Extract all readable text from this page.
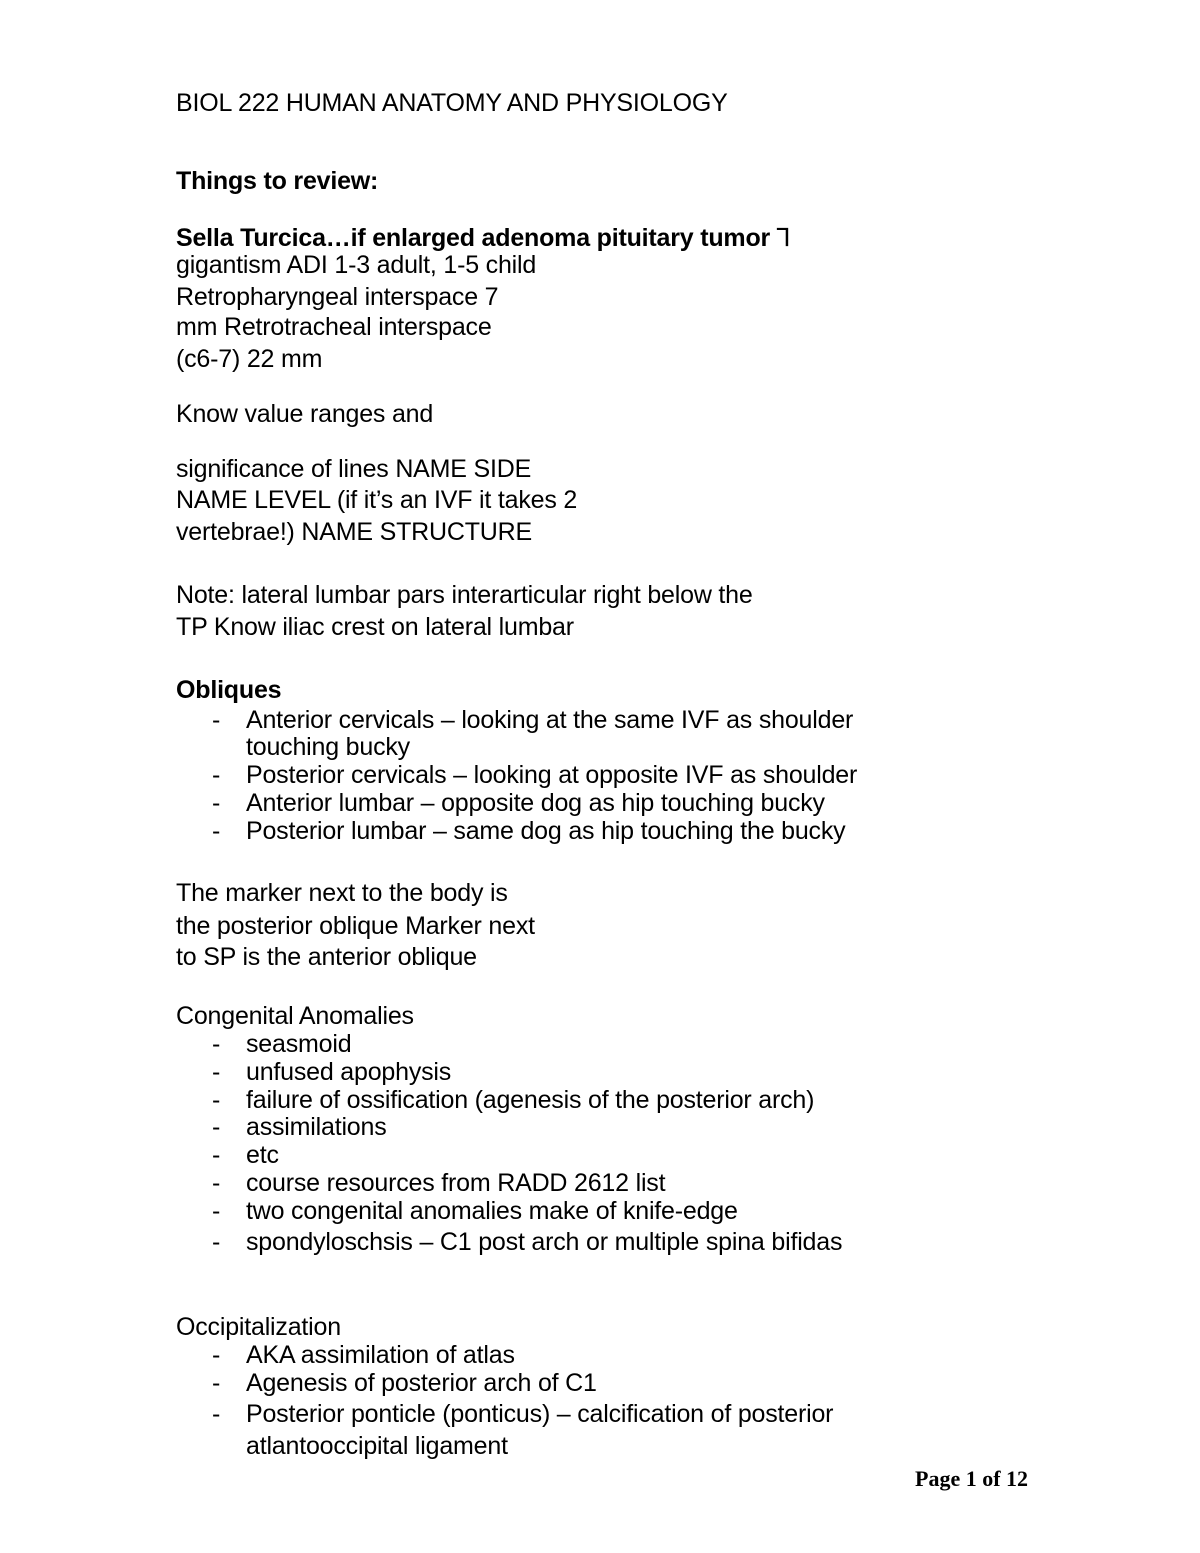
BIOL 222 HUMAN ANATOMY AND PHYSIOLOGY
Things to review:
Sella Turcica…if enlarged adenoma pituitary tumor ⅂
gigantism ADI 1-3 adult, 1-5 child
Retropharyngeal interspace 7
mm Retrotracheal interspace
(c6-7) 22 mm
Know value ranges and
significance of lines NAME SIDE
NAME LEVEL (if it’s an IVF it takes 2
vertebrae!) NAME STRUCTURE
Note: lateral lumbar pars interarticular right below the
TP Know iliac crest on lateral lumbar
Obliques
- Anterior cervicals – looking at the same IVF as shoulder
touching bucky
- Posterior cervicals – looking at opposite IVF as shoulder
- Anterior lumbar – opposite dog as hip touching bucky
- Posterior lumbar – same dog as hip touching the bucky
The marker next to the body is
the posterior oblique Marker next
to SP is the anterior oblique
Congenital Anomalies
- seasmoid
- unfused apophysis
- failure of ossification (agenesis of the posterior arch)
- assimilations
- etc
- course resources from RADD 2612 list
- two congenital anomalies make of knife-edge
- spondyloschsis – C1 post arch or multiple spina bifidas
Occipitalization
- AKA assimilation of atlas
- Agenesis of posterior arch of C1
- Posterior ponticle (ponticus) – calcification of posterior
atlantooccipital ligament
Page 1 of 12
